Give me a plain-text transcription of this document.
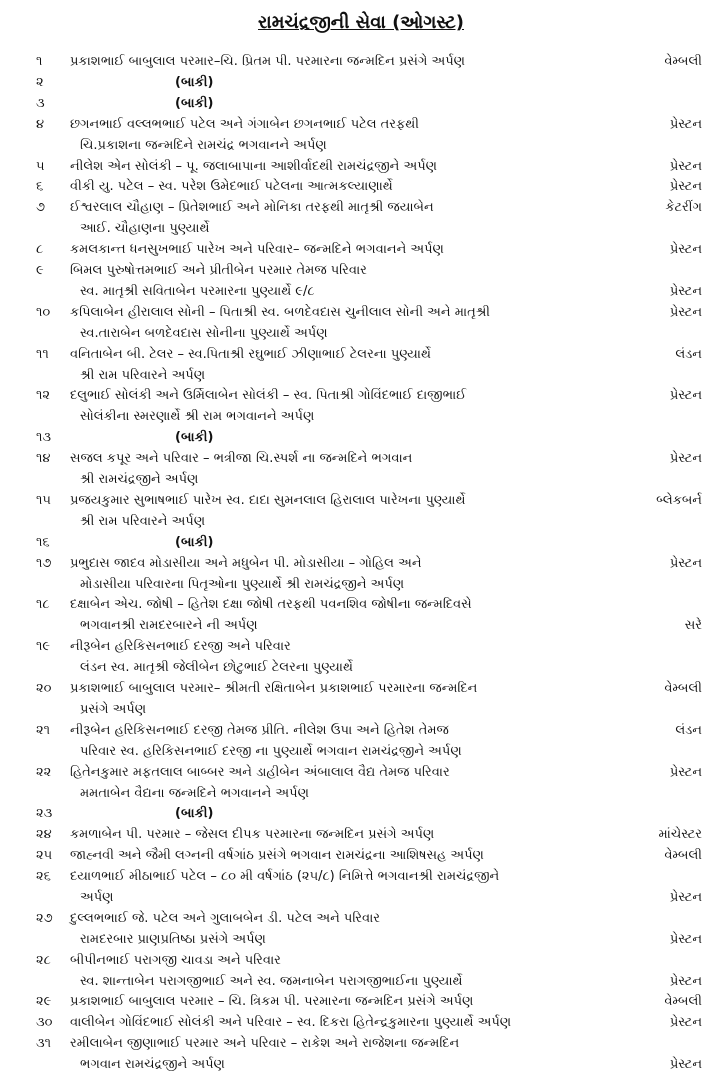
રામચંદ્રજીની સેવા (ઓગસ્ટ)
૧	પ્રકાશભાઈ બાબુલાલ પરમાર–ચિ. પ્રિતમ પી. પરમારના જન્મદિન પ્રસંગે અર્પણ	વેમ્બલી
૨	(બાકી)
૩	(બાકી)
૪	છગનભાઈ વલ્લભભાઈ પટેલ અને ગંગાબેન છગનભાઈ પટેલ તરફથી	પ્રેસ્ટન
ચિ.પ્રકાશના જન્મદિને રામચંદ્ર ભગવાનને અર્પણ
૫	નીલેશ એન સોલંકી – પૂ. જલાબાપાના આશીર્વાદથી રામચંદ્રજીને અર્પણ	પ્રેસ્ટન
૬	વીકી યુ. પટેલ – સ્વ. પરેશ ઉમેદભાઈ પટેલના આત્મકલ્યાણાર્થે	પ્રેસ્ટન
૭	ઈશ્વરલાલ ચૌહાણ – પ્રિતેશભાઈ અને મોનિકા તરફથી માતૃશ્રી જયાબેન	કેટરીંગ
આઈ. ચૌહાણના પુણ્યાર્થે
૮	કમલકાન્ત ધનસુખભાઈ પારેખ અને પરિવાર– જન્મદિને ભગવાનને અર્પણ	પ્રેસ્ટન
૯	બિમલ પુરુષોત્તમભાઈ અને પ્રીતીબેન પરમાર તેમજ પરિવાર
સ્વ. માતૃશ્રી સવિતાબેન પરમારના પુણ્યાર્થે ૯/૮	પ્રેસ્ટન
૧૦	કપિલાબેન હીરાલાલ સોની – પિતાશ્રી સ્વ. બળદેવદાસ ચુનીલાલ સોની અને માતૃશ્રી	પ્રેસ્ટન
સ્વ.તારાબેન બળદેવદાસ સોનીના પુણ્યાર્થે અર્પણ
૧૧	વનિતાબેન બી. ટેલર – સ્વ.પિતાશ્રી રઘુભાઈ ઝીણાભાઈ ટેલરના પુણ્યાર્થે	લંડન
શ્રી રામ પરિવારને અર્પણ
૧૨	દલુભાઈ સોલંકી અને ઉર્મિલાબેન સોલંકી – સ્વ. પિતાશ્રી ગોવિંદભાઈ દાજીભાઈ	પ્રેસ્ટન
સોલંકીના સ્મરણાર્થે શ્રી રામ ભગવાનને અર્પણ
૧૩	(બાકી)
૧૪	સજલ કપૂર અને પરિવાર – ભત્રીજા ચિ.સ્પર્શ ના જન્મદિને ભગવાન	પ્રેસ્ટન
શ્રી રામચંદ્રજીને અર્પણ
૧૫	પ્રજયકુમાર સુભાષભાઈ પારેખ સ્વ. દાદા સુમનલાલ હિરાલાલ પારેખના પુણ્યાર્થે	બ્લેકબર્ન
શ્રી રામ પરિવારને અર્પણ
૧૬	(બાકી)
૧૭	પ્રભુદાસ જાદવ મોડાસીયા અને મધુબેન પી. મોડાસીયા – ગોહિલ અને	પ્રેસ્ટન
મોડાસીયા પરિવારના પિતૃઓના પુણ્યાર્થે શ્રી રામચંદ્રજીને અર્પણ
૧૮	દક્ષાબેન એચ. જોષી – હિતેશ દક્ષા જોષી તરફથી પવનશિવ જોષીના જન્મદિવસે
ભગવાનશ્રી રામદરબારને ની અર્પણ	સરે
૧૯	નીરૂબેન હરિકિસનભાઈ દરજી અને પરિવાર
લંડન સ્વ. માતૃશ્રી જેલીબેન છોટુભાઈ ટેલરના પુણ્યાર્થે
૨૦	પ્રકાશભાઈ બાબુલાલ પરમાર– શ્રીમતી રક્ષિતાબેન પ્રકાશભાઈ પરમારના જન્મદિન	વેમ્બલી
પ્રસંગે અર્પણ
૨૧	નીરૂબેન હરિકિસનભાઈ દરજી તેમજ પ્રીતિ. નીલેશ ઉપા અને હિતેશ તેમજ	લંડન
પરિવાર સ્વ. હરિકિસનભાઈ દરજી ના પુણ્યાર્થે ભગવાન રામચંદ્રજીને અર્પણ
૨૨	હિતેનકુમાર મફતલાલ બાબ્બર અને ડાહીબેન અંબાલાલ વૈદ્ય તેમજ પરિવાર	પ્રેસ્ટન
મમતાબેન વૈદ્યના જન્મદિને ભગવાનને અર્પણ
૨૩	(બાકી)
૨૪	કમળાબેન પી. પરમાર – જેસલ દીપક પરમારના જન્મદિન પ્રસંગે અર્પણ	માંચેસ્ટર
૨૫	જાહ્નવી અને જૈમી લગ્નની વર્ષગાંઠ પ્રસંગે ભગવાન રામચંદ્રના આશિષસહ અર્પણ	વેમ્બલી
૨૬	દયાળભાઈ મીઠાભાઈ પટેલ – ૮૦ મી વર્ષગાંઠ (૨૫/૮) નિમિત્તે ભગવાનશ્રી રામચંદ્રજીને
અર્પણ	પ્રેસ્ટન
૨૭	દુલ્લભભાઈ જે. પટેલ અને ગુલાબબેન ડી. પટેલ અને પરિવાર
રામદરબાર પ્રાણપ્રતિષ્ઠા પ્રસંગે અર્પણ	પ્રેસ્ટન
૨૮	બીપીનભાઈ પરાગજી ચાવડા અને પરિવાર
સ્વ. શાન્તાબેન પરાગજીભાઈ અને સ્વ. જમનાબેન પરાગજીભાઈના પુણ્યાર્થે	પ્રેસ્ટન
૨૯	પ્રકાશભાઈ બાબુલાલ પરમાર – ચિ. ત્રિકમ પી. પરમારના જન્મદિન પ્રસંગે અર્પણ	વેમ્બલી
૩૦	વાલીબેન ગોવિંદભાઈ સોલંકી અને પરિવાર – સ્વ. દિકરા હિતેન્દ્રકુમારના પુણ્યાર્થે અર્પણ	પ્રેસ્ટન
૩૧	રમીલાબેન જીણાભાઈ પરમાર અને પરિવાર – રાકેશ અને રાજેશના જન્મદિન
ભગવાન રામચંદ્રજીને અર્પણ	પ્રેસ્ટન
